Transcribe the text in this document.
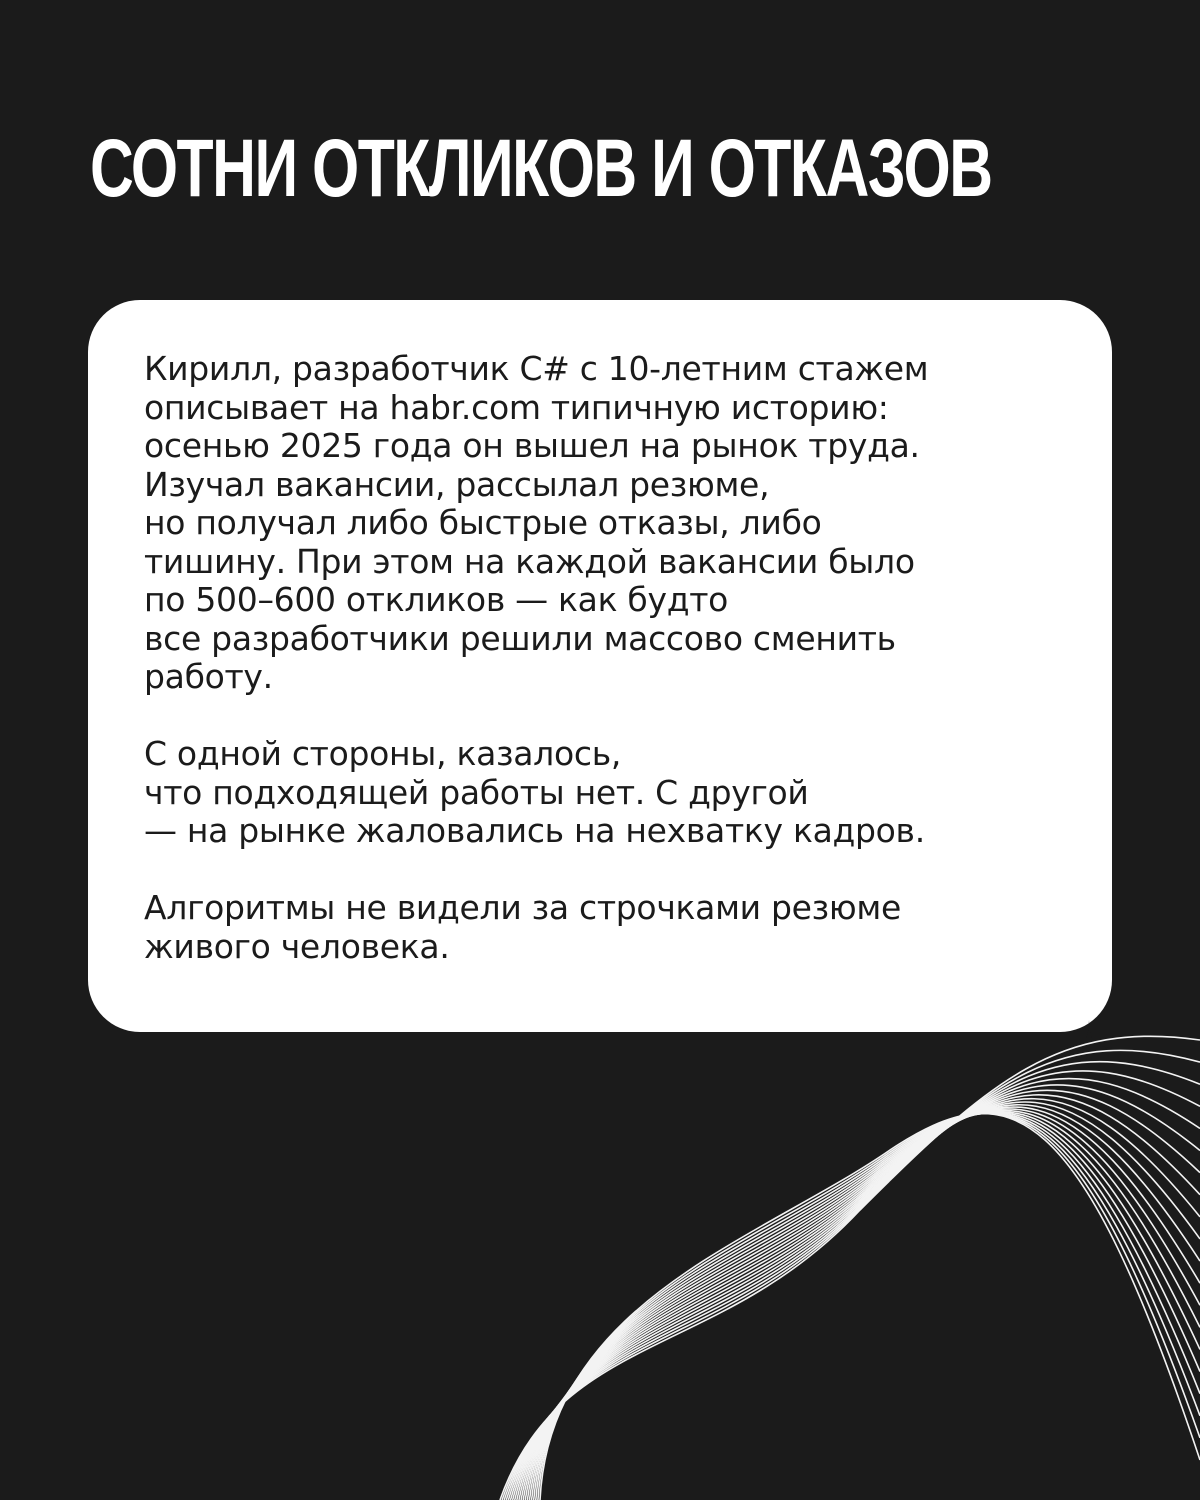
СОТНИ ОТКЛИКОВ И ОТКАЗОВ

Кирилл, разработчик C# с 10-летним стажем
описывает на habr.com типичную историю:
осенью 2025 года он вышел на рынок труда.
Изучал вакансии, рассылал резюме,
но получал либо быстрые отказы, либо
тишину. При этом на каждой вакансии было
по 500–600 откликов — как будто
все разработчики решили массово сменить
работу.

С одной стороны, казалось,
что подходящей работы нет. С другой
— на рынке жаловались на нехватку кадров.

Алгоритмы не видели за строчками резюме
живого человека.
